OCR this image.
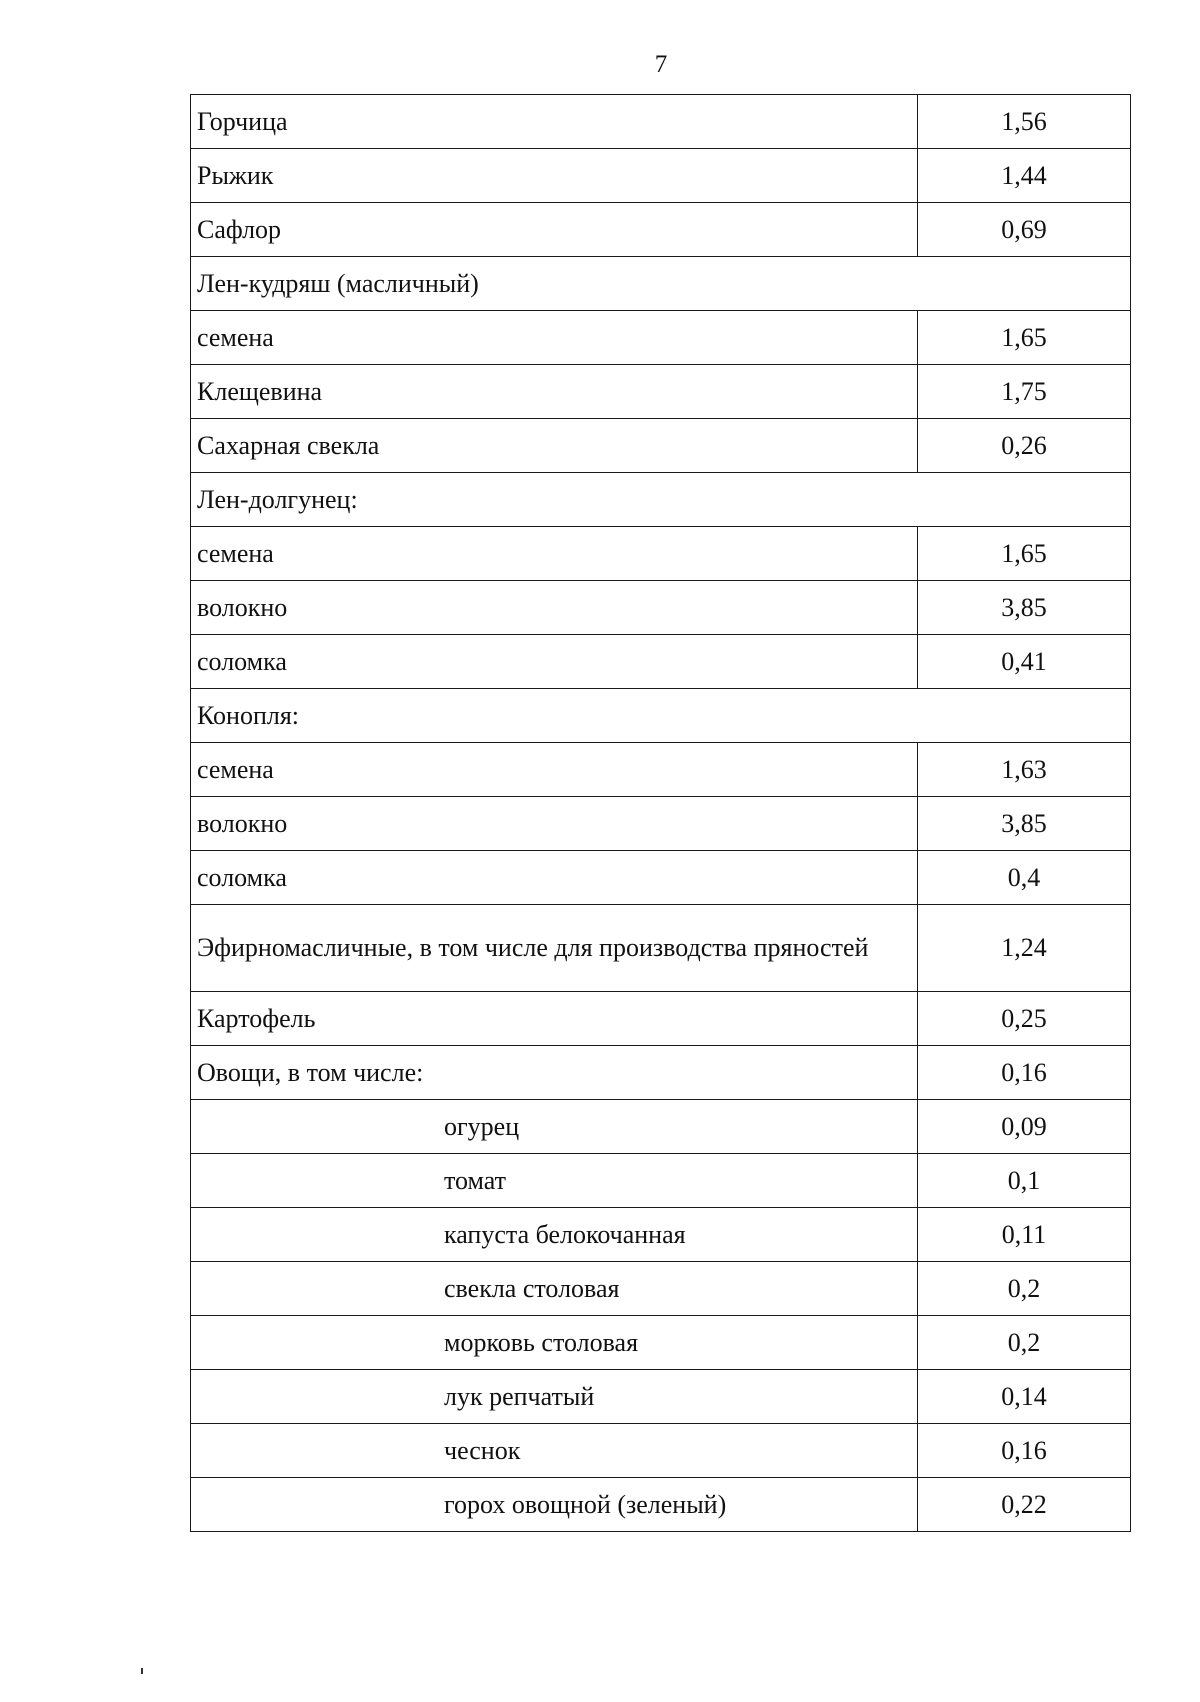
7
Горчица	1,56
Рыжик	1,44
Сафлор	0,69
Лен-кудряш (масличный)	
семена	1,65
Клещевина	1,75
Сахарная свекла	0,26
Лен-долгунец:	
семена	1,65
волокно	3,85
соломка	0,41
Конопля:	
семена	1,63
волокно	3,85
соломка	0,4
Эфирномасличные, в том числе для производства пряностей	1,24
Картофель	0,25
Овощи, в том числе:	0,16
огурец	0,09
томат	0,1
капуста белокочанная	0,11
свекла столовая	0,2
морковь столовая	0,2
лук репчатый	0,14
чеснок	0,16
горох овощной (зеленый)	0,22
